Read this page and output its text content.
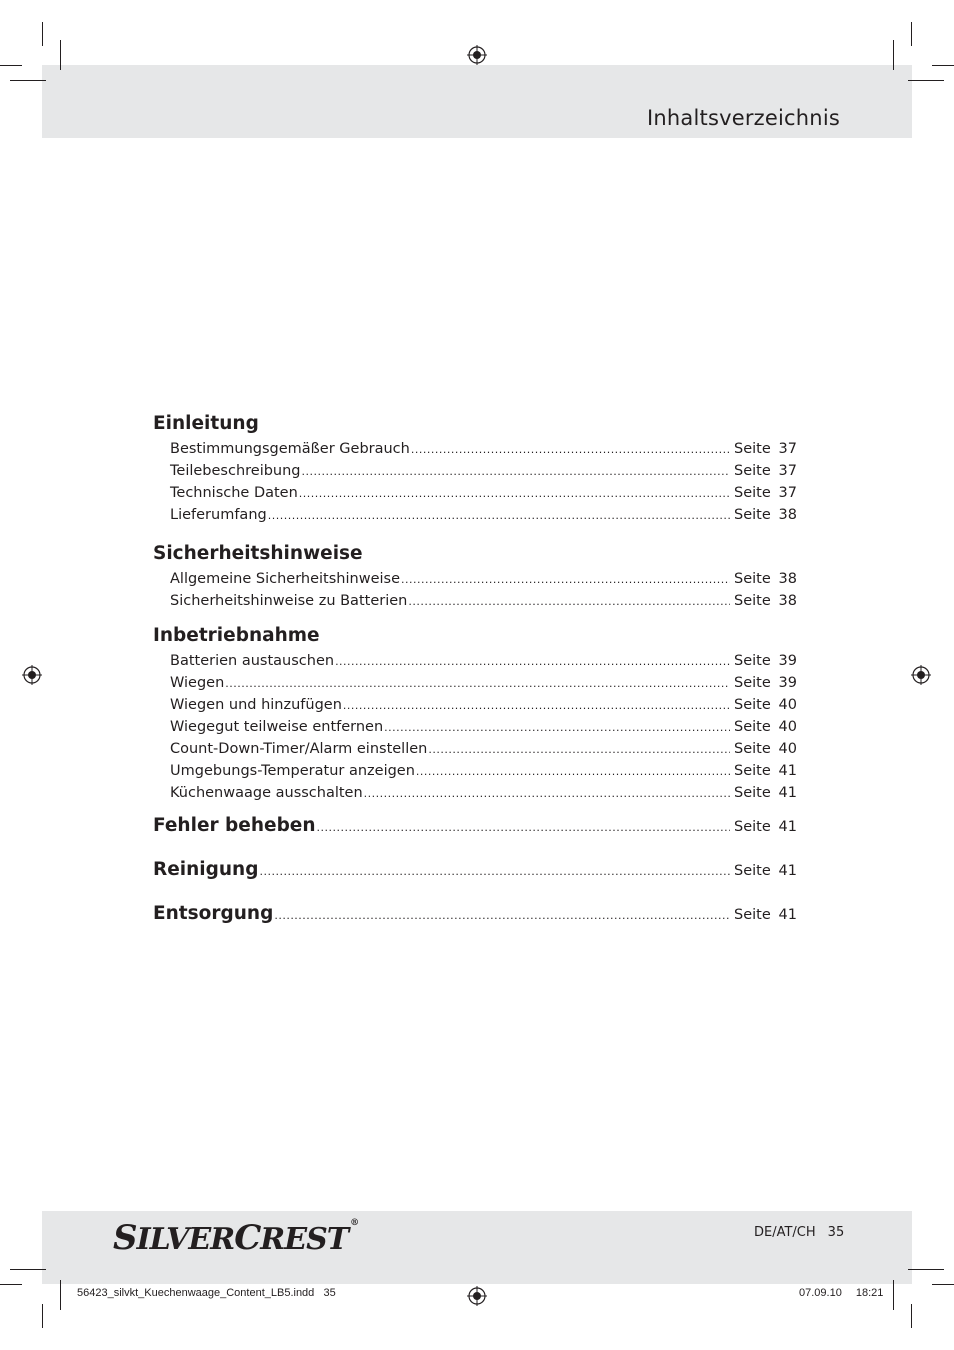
Inhaltsverzeichnis
Einleitung
Bestimmungsgemäßer Gebrauch .....	Seite 37
Teilebeschreibung .....	Seite 37
Technische Daten .....	Seite 37
Lieferumfang .....	Seite 38
Sicherheitshinweise
Allgemeine Sicherheitshinweise .....	Seite 38
Sicherheitshinweise zu Batterien .....	Seite 38
Inbetriebnahme
Batterien austauschen .....	Seite 39
Wiegen .....	Seite 39
Wiegen und hinzufügen .....	Seite 40
Wiegegut teilweise entfernen .....	Seite 40
Count-Down-Timer/Alarm einstellen .....	Seite 40
Umgebungs-Temperatur anzeigen .....	Seite 41
Küchenwaage ausschalten .....	Seite 41
Fehler beheben .....	Seite 41
Reinigung .....	Seite 41
Entsorgung .....	Seite 41
SILVERCREST ®
DE/AT/CH 35
56423_silvkt_Kuechenwaage_Content_LB5.indd   35	07.09.10 18:21
